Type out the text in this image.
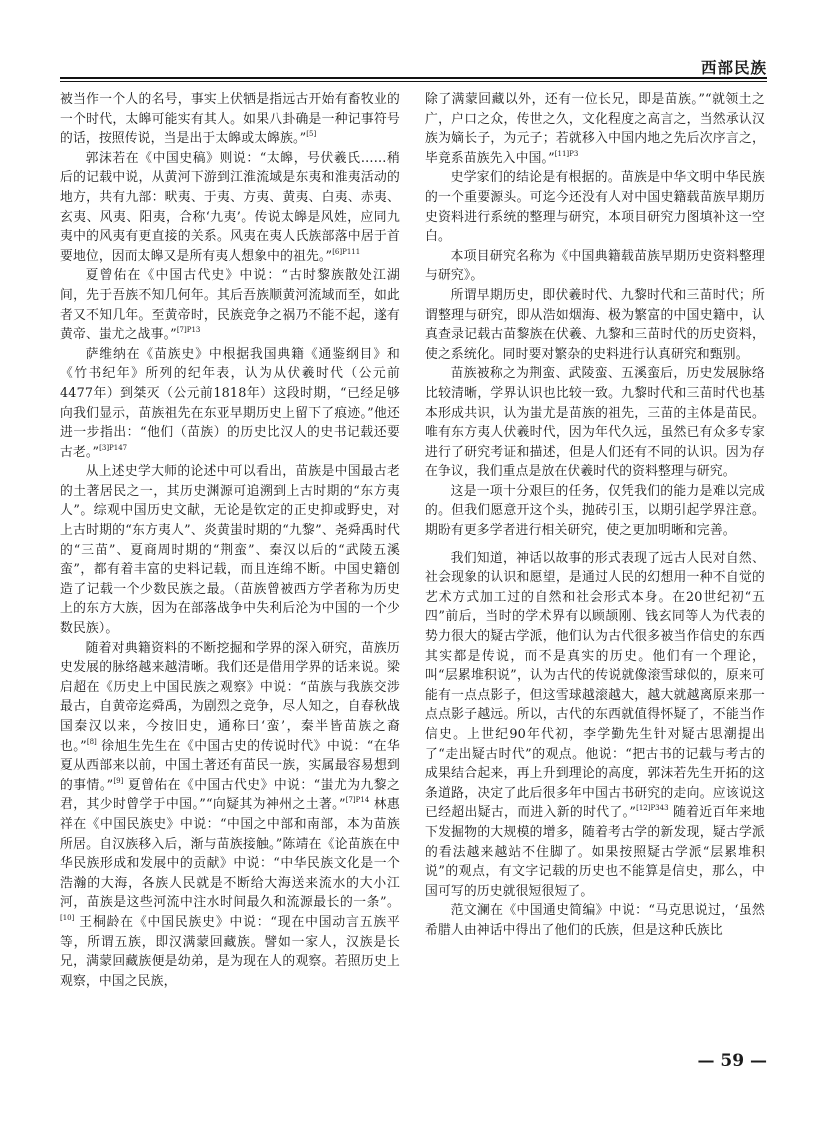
西部民族

被当作一个人的名号，事实上伏牺是指远古开始有畜牧业的一个时代，太皞可能实有其人。如果八卦确是一种记事符号的话，按照传说，当是出于太皞或太皞族。”[5]

郭沫若在《中国史稿》则说：“太皞，号伏羲氏……稍后的记载中说，从黄河下游到江淮流域是东夷和淮夷活动的地方，共有九部：畎夷、于夷、方夷、黄夷、白夷、赤夷、玄夷、风夷、阳夷，合称‘九夷’。传说太皞是风姓，应同九夷中的风夷有更直接的关系。风夷在夷人氏族部落中居于首要地位，因而太皞又是所有夷人想象中的祖先。”$^{[6]P111}$

夏曾佑在《中国古代史》中说：“古时黎族散处江湖间，先于吾族不知几何年。其后吾族顺黄河流域而至，如此者又不知几年。至黄帝时，民族竞争之祸乃不能不起，遂有黄帝、蚩尤之战事。”$^{[7]P13}$

萨维纳在《苗族史》中根据我国典籍《通鉴纲目》和《竹书纪年》所列的纪年表，认为从伏羲时代（公元前4477年）到桀灭（公元前1818年）这段时期，“已经足够向我们显示，苗族祖先在东亚早期历史上留下了痕迹。”他还进一步指出：“他们（苗族）的历史比汉人的史书记载还要古老。”$^{[3]P147}$

从上述史学大师的论述中可以看出，苗族是中国最古老的土著居民之一，其历史渊源可追溯到上古时期的“东方夷人”。综观中国历史文献，无论是钦定的正史抑或野史，对上古时期的“东方夷人”、炎黄蚩时期的“九黎”、尧舜禹时代的“三苗”、夏商周时期的“荆蛮”、秦汉以后的“武陵五溪蛮”，都有着丰富的史料记载，而且连绵不断。中国史籍创造了记载一个少数民族之最。（苗族曾被西方学者称为历史上的东方大族，因为在部落战争中失利后沦为中国的一个少数民族）。

随着对典籍资料的不断挖掘和学界的深入研究，苗族历史发展的脉络越来越清晰。我们还是借用学界的话来说。梁启超在《历史上中国民族之观察》中说：“苗族与我族交涉最古，自黄帝迄舜禹，为剧烈之竞争，尽人知之，自春秋战国秦汉以来，今按旧史，通称曰‘蛮’，秦半皆苗族之裔也。”[8] 徐旭生先生在《中国古史的传说时代》中说：“在华夏从西部来以前，中国土著还有苗民一族，实属最容易想到的事情。”[9] 夏曾佑在《中国古代史》中说：“蚩尤为九黎之君，其少时曾学于中国。”“向疑其为神州之土著。”$^{[7]P14}$ 林惠祥在《中国民族史》中说：“中国之中部和南部，本为苗族所居。自汉族移入后，渐与苗族接触。”陈靖在《论苗族在中华民族形成和发展中的贡献》中说：“中华民族文化是一个浩瀚的大海，各族人民就是不断给大海送来流水的大小江河，苗族是这些河流中注水时间最久和流源最长的一条”。[10] 王桐龄在《中国民族史》中说：“现在中国动言五族平等，所谓五族，即汉满蒙回藏族。譬如一家人，汉族是长兄，满蒙回藏族便是幼弟，是为现在人的观察。若照历史上观察，中国之民族，

除了满蒙回藏以外，还有一位长兄，即是苗族。”“就领土之广，户口之众，传世之久，文化程度之高言之，当然承认汉族为嫡长子，为元子；若就移入中国内地之先后次序言之，毕竟系苗族先入中国。”$^{[11]P3}$

史学家们的结论是有根据的。苗族是中华文明中华民族的一个重要源头。可迄今还没有人对中国史籍载苗族早期历史资料进行系统的整理与研究，本项目研究力图填补这一空白。

本项目研究名称为《中国典籍载苗族早期历史资料整理与研究》。

所谓早期历史，即伏羲时代、九黎时代和三苗时代；所谓整理与研究，即从浩如烟海、极为繁富的中国史籍中，认真查录记载古苗黎族在伏羲、九黎和三苗时代的历史资料，使之系统化。同时要对繁杂的史料进行认真研究和甄别。

苗族被称之为荆蛮、武陵蛮、五溪蛮后，历史发展脉络比较清晰，学界认识也比较一致。九黎时代和三苗时代也基本形成共识，认为蚩尤是苗族的祖先，三苗的主体是苗民。唯有东方夷人伏羲时代，因为年代久远，虽然已有众多专家进行了研究考证和描述，但是人们还有不同的认识。因为存在争议，我们重点是放在伏羲时代的资料整理与研究。

这是一项十分艰巨的任务，仅凭我们的能力是难以完成的。但我们愿意开这个头，抛砖引玉，以期引起学界注意。期盼有更多学者进行相关研究，使之更加明晰和完善。

我们知道，神话以故事的形式表现了远古人民对自然、社会现象的认识和愿望，是通过人民的幻想用一种不自觉的艺术方式加工过的自然和社会形式本身。在20世纪初“五四”前后，当时的学术界有以顾颉刚、钱玄同等人为代表的势力很大的疑古学派，他们认为古代很多被当作信史的东西其实都是传说，而不是真实的历史。他们有一个理论，叫“层累堆积说”，认为古代的传说就像滚雪球似的，原来可能有一点点影子，但这雪球越滚越大，越大就越离原来那一点点影子越远。所以，古代的东西就值得怀疑了，不能当作信史。上世纪90年代初，李学勤先生针对疑古思潮提出了“走出疑古时代”的观点。他说：“把古书的记载与考古的成果结合起来，再上升到理论的高度，郭沫若先生开拓的这条道路，决定了此后很多年中国古书研究的走向。应该说这已经超出疑古，而进入新的时代了。”$^{[12]P343}$ 随着近百年来地下发掘物的大规模的增多，随着考古学的新发现，疑古学派的看法越来越站不住脚了。如果按照疑古学派“层累堆积说”的观点，有文字记载的历史也不能算是信史，那么，中国可写的历史就很短很短了。

范文澜在《中国通史简编》中说：“马克思说过，‘虽然希腊人由神话中得出了他们的氏族，但是这种氏族比

— 59 —
